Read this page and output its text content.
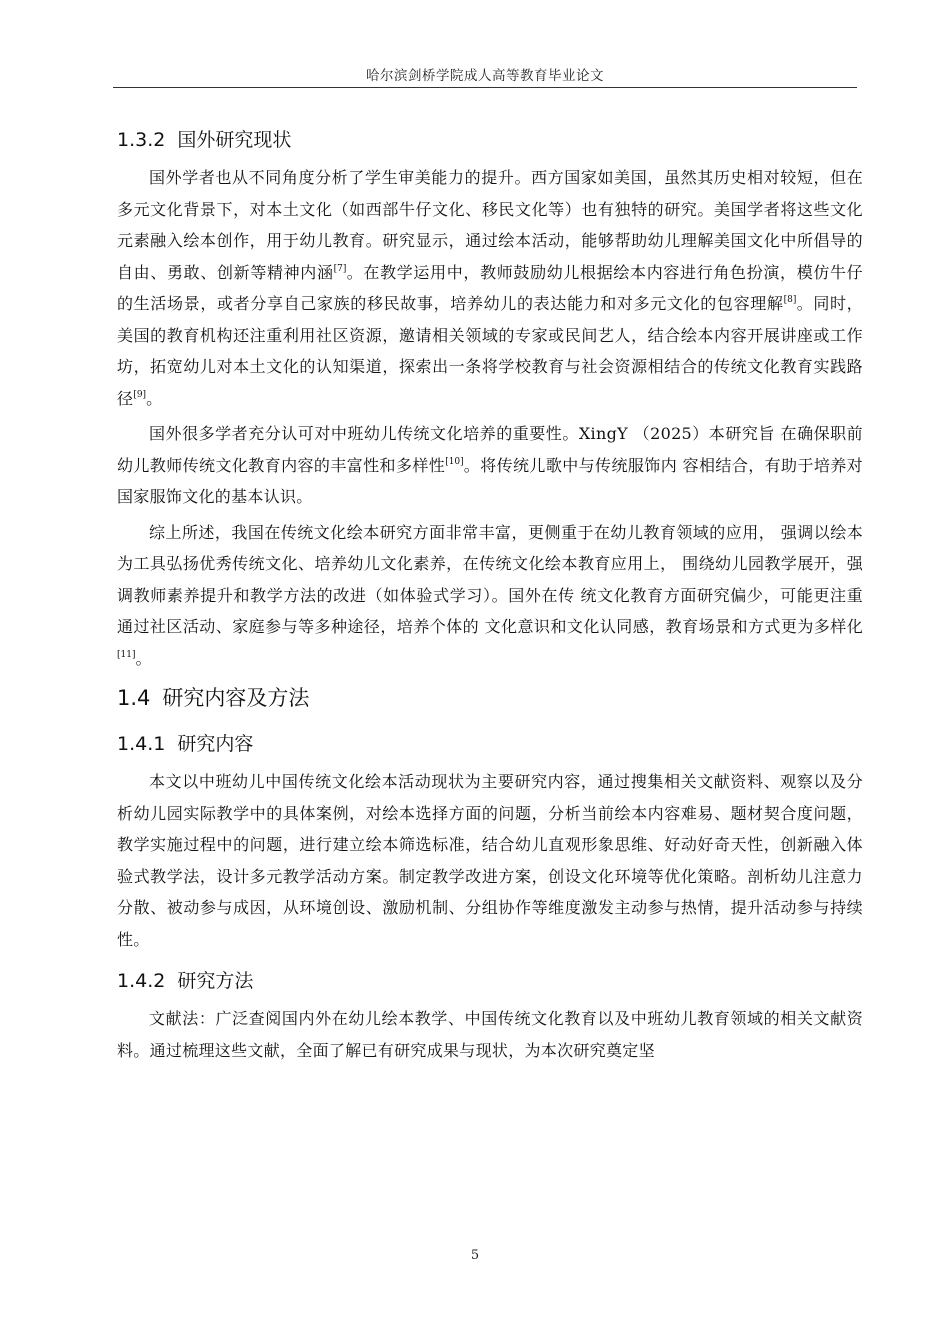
哈尔滨剑桥学院成人高等教育毕业论文
1.3.2 国外研究现状

国外学者也从不同角度分析了学生审美能力的提升。西方国家如美国，虽然其历史相对较短，但在多元文化背景下，对本土文化（如西部牛仔文化、移民文化等）也有独特的研究。美国学者将这些文化元素融入绘本创作，用于幼儿教育。研究显示，通过绘本活动，能够帮助幼儿理解美国文化中所倡导的自由、勇敢、创新等精神内涵[7]。在教学运用中，教师鼓励幼儿根据绘本内容进行角色扮演，模仿牛仔的生活场景，或者分享自己家族的移民故事，培养幼儿的表达能力和对多元文化的包容理解[8]。同时，美国的教育机构还注重利用社区资源，邀请相关领域的专家或民间艺人，结合绘本内容开展讲座或工作坊，拓宽幼儿对本土文化的认知渠道，探索出一条将学校教育与社会资源相结合的传统文化教育实践路径[9]。

国外很多学者充分认可对中班幼儿传统文化培养的重要性。XingY （2025）本研究旨 在确保职前幼儿教师传统文化教育内容的丰富性和多样性[10]。将传统儿歌中与传统服饰内 容相结合，有助于培养对国家服饰文化的基本认识。

综上所述，我国在传统文化绘本研究方面非常丰富，更侧重于在幼儿教育领域的应用， 强调以绘本为工具弘扬优秀传统文化、培养幼儿文化素养，在传统文化绘本教育应用上， 围绕幼儿园教学展开，强调教师素养提升和教学方法的改进（如体验式学习）。国外在传 统文化教育方面研究偏少，可能更注重通过社区活动、家庭参与等多种途径，培养个体的 文化意识和文化认同感，教育场景和方式更为多样化[11]。

1.4 研究内容及方法
1.4.1 研究内容

本文以中班幼儿中国传统文化绘本活动现状为主要研究内容，通过搜集相关文献资料、观察以及分析幼儿园实际教学中的具体案例，对绘本选择方面的问题，分析当前绘本内容难易、题材契合度问题，教学实施过程中的问题，进行建立绘本筛选标准，结合幼儿直观形象思维、好动好奇天性，创新融入体验式教学法，设计多元教学活动方案。制定教学改进方案，创设文化环境等优化策略。剖析幼儿注意力分散、被动参与成因，从环境创设、激励机制、分组协作等维度激发主动参与热情，提升活动参与持续性。

1.4.2 研究方法

文献法：广泛查阅国内外在幼儿绘本教学、中国传统文化教育以及中班幼儿教育领域的相关文献资料。通过梳理这些文献，全面了解已有研究成果与现状，为本次研究奠定坚

5
